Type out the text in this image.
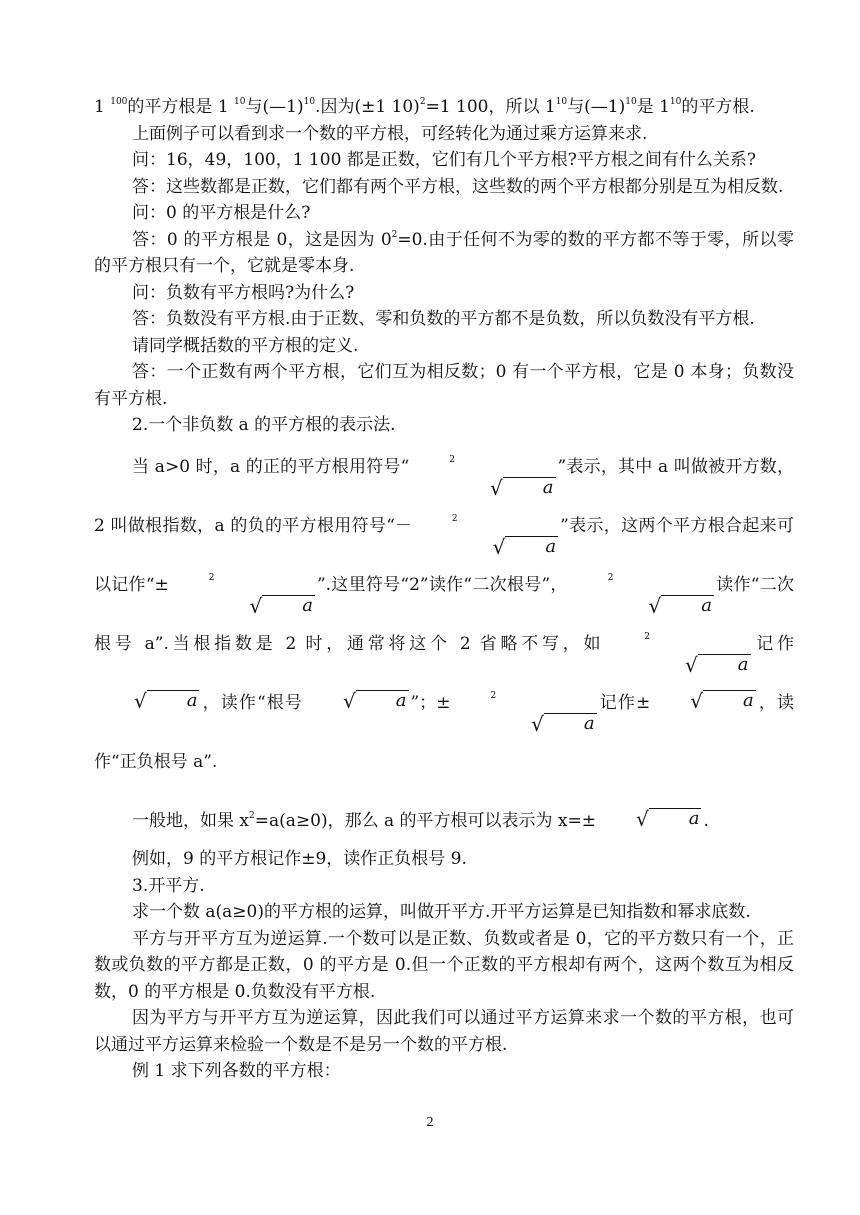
1 $^{100}$的平方根是 1 $^{10}$与(—1)$^{10}$.因为(±1 10)$^2$=1 100，所以 $1^{10}$与(—1)$^{10}$是 $1^{10}$的平方根.
上面例子可以看到求一个数的平方根，可经转化为通过乘方运算来求.
问：16，49，100，1 100 都是正数，它们有几个平方根?平方根之间有什么关系?
答：这些数都是正数，它们都有两个平方根，这些数的两个平方根都分别是互为相反数.
问：0 的平方根是什么?
答：0 的平方根是 0，这是因为 $0^2=0$.由于任何不为零的数的平方都不等于零，所以零的平方根只有一个，它就是零本身.
问：负数有平方根吗?为什么?
答：负数没有平方根.由于正数、零和负数的平方都不是负数，所以负数没有平方根.
请同学概括数的平方根的定义.
答：一个正数有两个平方根，它们互为相反数；0 有一个平方根，它是 0 本身；负数没有平方根.
2.一个非负数 a 的平方根的表示法.
当 a>0 时，a 的正的平方根用符号“	2
√	a
”表示，其中 a 叫做被开方数，2 叫做根指数，a 的负的平方根用符号“－	2
√	a
”表示，这两个平方根合起来可以记作“±	2
√	a
”.这里符号“2”读作“二次根号”，	2
√	a
读作“二次根号 a”.当根指数是 2 时，通常将这个 2 省略不写，如	2
√	a
记作
√	a ，读作“根号	√	a ”；±	2
√	a
记作±	√	a ，读作“正负根号 a”.
一般地，如果 $x^2=a(a\ge 0)$，那么 a 的平方根可以表示为 x=±	√	a .
例如，9 的平方根记作±9，读作正负根号 9.
3.开平方.
求一个数 a(a≥0)的平方根的运算，叫做开平方.开平方运算是已知指数和幂求底数.
平方与开平方互为逆运算.一个数可以是正数、负数或者是 0，它的平方数只有一个，正数或负数的平方都是正数，0 的平方是 0.但一个正数的平方根却有两个，这两个数互为相反数，0 的平方根是 0.负数没有平方根.
因为平方与开平方互为逆运算，因此我们可以通过平方运算来求一个数的平方根，也可以通过平方运算来检验一个数是不是另一个数的平方根.
例 1 求下列各数的平方根：
2
